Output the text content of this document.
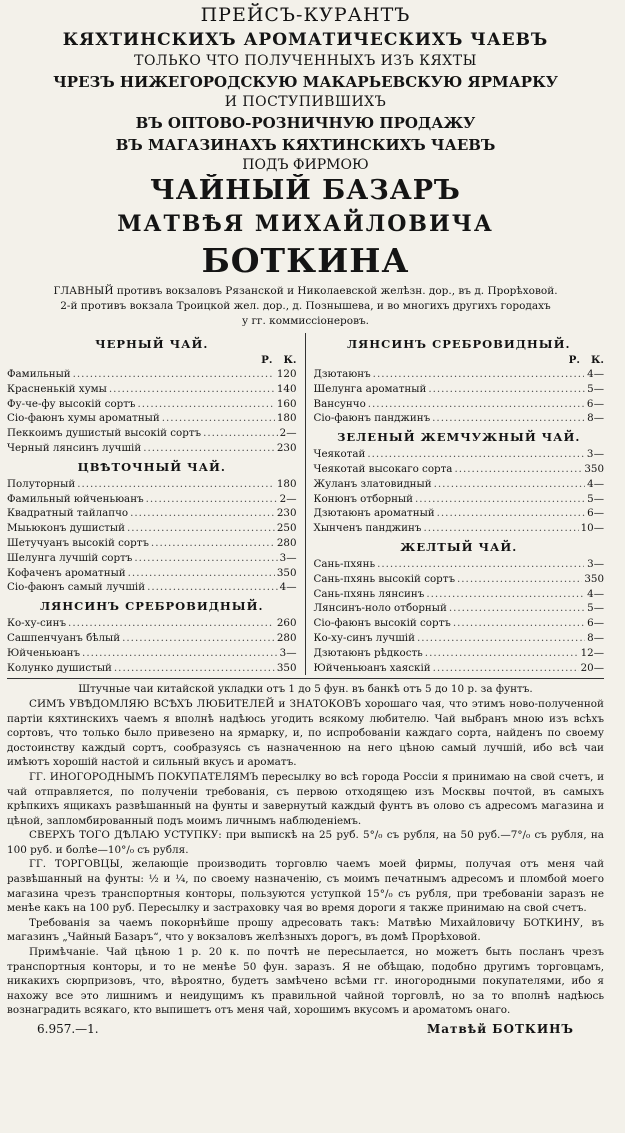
ПРЕЙСЪ-КУРАНТЪ
КЯХТИНСКИХЪ АРОМАТИЧЕСКИХЪ ЧАЕВЪ
ТОЛЬКО ЧТО ПОЛУЧЕННЫХЪ ИЗЪ КЯХТЫ
ЧРЕЗЪ НИЖЕГОРОДСКУЮ МАКАРЬЕВСКУЮ ЯРМАРКУ
И ПОСТУПИВШИХЪ
ВЪ ОПТОВО-РОЗНИЧНУЮ ПРОДАЖУ
ВЪ МАГАЗИНАХЪ КЯХТИНСКИХЪ ЧАЕВЪ
ПОДЪ ФИРМОЮ
ЧАЙНЫЙ БАЗАРЪ
МАТВѢЯ МИХАЙЛОВИЧА
БОТКИНА
ГЛАВНЫЙ противъ вокзаловъ Рязанской и Николаевской желѣзн. дор., въ д. Прорѣховой.
2-й противъ вокзала Троицкой жел. дор., д. Познышева, и во многихъ другихъ городахъ
у гг. коммиссіонеровъ.
ЧЕРНЫЙ ЧАЙ.
Р.	К.
Фамильный .....	1 20
Красненькій хумы .....	1 40
Фу-че-фу высокій сортъ .....	1 60
Сіо-фаюнъ хумы ароматный .....	1 80
Пеккоимъ душистый высокій сортъ .....	2 —
Черный лянсинъ лучшій .....	2 30
ЦВѢТОЧНЫЙ ЧАЙ.
Полуторный .....	1 80
Фамильный юйченьюанъ .....	2 —
Квадратный тайлапчо .....	2 30
Мыьюконъ душистый .....	2 50
Шетучуанъ высокій сортъ .....	2 80
Шелунга лучшій сортъ .....	3 —
Кофаченъ ароматный .....	3 50
Сіо-фаюнъ самый лучшій .....	4 —
ЛЯНСИНЪ СРЕБРОВИДНЫЙ.
Ко-ху-синъ .....	2 60
Сашпенчуанъ бѣлый .....	2 80
Юйченьюанъ .....	3 —
Колунко душистый .....	3 50
ЛЯНСИНЪ СРЕБРОВИДНЫЙ.
Р.	К.
Дзютаюнъ .....	4 —
Шелунга ароматный .....	5 —
Вансунчо .....	6 —
Сіо-фаюнъ панджинъ .....	8 —
ЗЕЛЕНЫЙ ЖЕМЧУЖНЫЙ ЧАЙ.
Чеякотай .....	3 —
Чеякотай высокаго сорта .....	3 50
Жуланъ златовидный .....	4 —
Конюнъ отборный .....	5 —
Дзютаюнъ ароматный .....	6 —
Хынченъ панджинъ .....	10 —
ЖЕЛТЫЙ ЧАЙ.
Сань-пхянь .....	3 —
Сань-пхянь высокій сортъ .....	3 50
Сань-пхянь лянсинъ .....	4 —
Лянсинъ-ноло отборный .....	5 —
Сіо-фаюнъ высокій сортъ .....	6 —
Ко-ху-синъ лучшій .....	8 —
Дзютаюнъ рѣдкость .....	12 —
Юйченьюанъ хаяскій .....	20 —

Штучные чаи китайской укладки отъ 1 до 5 фун. въ банкѣ отъ 5 до 10 р. за фунтъ.

СИМЪ УВѢДОМЛЯЮ ВСѢХЪ ЛЮБИТЕЛЕЙ и ЗНАТОКОВЪ хорошаго чая, что этимъ ново-полученной партіи кяхтинскихъ чаемъ я вполнѣ надѣюсь угодить всякому любителю. Чай выбранъ мною изъ всѣхъ сортовъ, что только было привезено на ярмарку, и, по испробованіи каждаго сорта, найденъ по своему достоинству каждый сортъ, сообразуясь съ назначенною на него цѣною самый лучшій, ибо всѣ чаи имѣютъ хорошій настой и сильный вкусъ и ароматъ.

ГГ. ИНОГОРОДНЫМЪ ПОКУПАТЕЛЯМЪ пересылку во всѣ города Россіи я принимаю на свой счетъ, и чай отправляется, по полученіи требованія, съ первою отходящею изъ Москвы почтой, въ самыхъ крѣпкихъ ящикахъ развѣшанный на фунты и завернутый каждый фунтъ въ олово съ адресомъ магазина и цѣной, запломбированный подъ моимъ личнымъ наблюденіемъ.

СВЕРХЪ ТОГО ДѢЛАЮ УСТУПКУ: при выпискѣ на 25 руб. 5°/₀ съ рубля, на 50 руб.—7°/₀ съ рубля, на 100 руб. и болѣе—10°/₀ съ рубля.

ГГ. ТОРГОВЦЫ, желающіе производить торговлю чаемъ моей фирмы, получая отъ меня чай развѣшанный на фунты: ½ и ¼, по своему назначенію, съ моимъ печатнымъ адресомъ и пломбой моего магазина чрезъ транспортныя конторы, пользуются уступкой 15°/₀ съ рубля, при требованіи заразъ не менѣе какъ на 100 руб. Пересылку и застраховку чая во время дороги я также принимаю на свой счетъ.

Требованія за чаемъ покорнѣйше прошу адресовать такъ: Матвѣю Михайловичу БОТКИНУ, въ магазинъ „Чайный Базаръ“, что у вокзаловъ желѣзныхъ дорогъ, въ домѣ Прорѣховой.

Примѣчаніе. Чай цѣною 1 р. 20 к. по почтѣ не пересылается, но можетъ быть посланъ чрезъ транспортныя конторы, и то не менѣе 50 фун. заразъ. Я не обѣщаю, подобно другимъ торговцамъ, никакихъ сюрпризовъ, что, вѣроятно, будетъ замѣчено всѣми гг. иногородными покупателями, ибо я нахожу все это лишнимъ и неидущимъ къ правильной чайной торговлѣ, но за то вполнѣ надѣюсь вознаградить всякаго, кто выпишетъ отъ меня чай, хорошимъ вкусомъ и ароматомъ онаго.

6.957.—1.	Матвѣй БОТКИНЪ
